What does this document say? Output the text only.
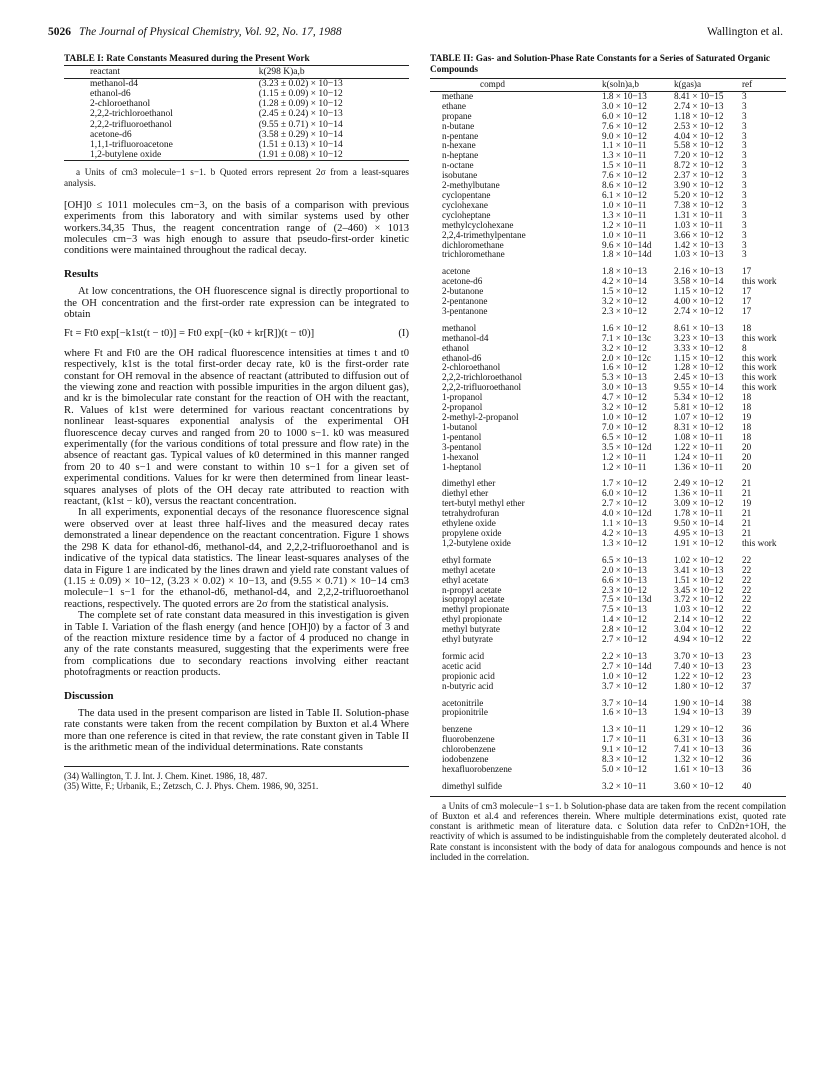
5026 The Journal of Physical Chemistry, Vol. 92, No. 17, 1988	Wallington et al.
TABLE I: Rate Constants Measured during the Present Work
reactant	k(298 K)a,b
methanol-d4	(3.23 ± 0.02) × 10−13
ethanol-d6	(1.15 ± 0.09) × 10−12
2-chloroethanol	(1.28 ± 0.09) × 10−12
2,2,2-trichloroethanol	(2.45 ± 0.24) × 10−13
2,2,2-trifluoroethanol	(9.55 ± 0.71) × 10−14
acetone-d6	(3.58 ± 0.29) × 10−14
1,1,1-trifluoroacetone	(1.51 ± 0.13) × 10−14
1,2-butylene oxide	(1.91 ± 0.08) × 10−12
a Units of cm3 molecule−1 s−1. b Quoted errors represent 2σ from a least-squares analysis.

[OH]0 ≤ 1011 molecules cm−3, on the basis of a comparison with previous experiments from this laboratory and with similar systems used by other workers.34,35 Thus, the reagent concentration range of (2–460) × 1013 molecules cm−3 was high enough to assure that pseudo-first-order kinetic conditions were maintained throughout the radical decay.

Results

At low concentrations, the OH fluorescence signal is directly proportional to the OH concentration and the first-order rate expression can be integrated to obtain

Ft = Ft0 exp[−k1st(t − t0)] = Ft0 exp[−(k0 + kr[R])(t − t0)]	(I)

where Ft and Ft0 are the OH radical fluorescence intensities at times t and t0 respectively, k1st is the total first-order decay rate, k0 is the first-order rate constant for OH removal in the absence of reactant (attributed to diffusion out of the viewing zone and reaction with possible impurities in the argon diluent gas), and kr is the bimolecular rate constant for the reaction of OH with the reactant, R. Values of k1st were determined for various reactant concentrations by nonlinear least-squares exponential analysis of the experimental OH fluorescence decay curves and ranged from 20 to 1000 s−1. k0 was measured experimentally (for the various conditions of total pressure and flow rate) in the absence of reactant gas. Typical values of k0 determined in this manner ranged from 20 to 40 s−1 and were constant to within 10 s−1 for a given set of experimental conditions. Values for kr were then determined from linear least-squares analyses of plots of the OH decay rate attributed to reaction with reactant, (k1st − k0), versus the reactant concentration.

In all experiments, exponential decays of the resonance fluorescence signal were observed over at least three half-lives and the measured decay rates demonstrated a linear dependence on the reactant concentration. Figure 1 shows the 298 K data for ethanol-d6, methanol-d4, and 2,2,2-trifluoroethanol and is indicative of the typical data statistics. The linear least-squares analyses of the data in Figure 1 are indicated by the lines drawn and yield rate constant values of (1.15 ± 0.09) × 10−12, (3.23 × 0.02) × 10−13, and (9.55 × 0.71) × 10−14 cm3 molecule−1 s−1 for the ethanol-d6, methanol-d4, and 2,2,2-trifluoroethanol reactions, respectively. The quoted errors are 2σ from the statistical analysis.

The complete set of rate constant data measured in this investigation is given in Table I. Variation of the flash energy (and hence [OH]0) by a factor of 3 and of the reaction mixture residence time by a factor of 4 produced no change in any of the rate constants measured, suggesting that the experiments were free from complications due to secondary reactions involving either reactant photofragments or reaction products.

Discussion

The data used in the present comparison are listed in Table II. Solution-phase rate constants were taken from the recent compilation by Buxton et al.4 Where more than one reference is cited in that review, the rate constant given in Table II is the arithmetic mean of the individual determinations. Rate constants

(34) Wallington, T. J. Int. J. Chem. Kinet. 1986, 18, 487.
(35) Witte, F.; Urbanik, E.; Zetzsch, C. J. Phys. Chem. 1986, 90, 3251.
TABLE II: Gas- and Solution-Phase Rate Constants for a Series of Saturated Organic Compounds
compd	k(soln)a,b	k(gas)a	ref
methane	1.8 × 10−13	8.41 × 10−15	3
ethane	3.0 × 10−12	2.74 × 10−13	3
propane	6.0 × 10−12	1.18 × 10−12	3
n-butane	7.6 × 10−12	2.53 × 10−12	3
n-pentane	9.0 × 10−12	4.04 × 10−12	3
n-hexane	1.1 × 10−11	5.58 × 10−12	3
n-heptane	1.3 × 10−11	7.20 × 10−12	3
n-octane	1.5 × 10−11	8.72 × 10−12	3
isobutane	7.6 × 10−12	2.37 × 10−12	3
2-methylbutane	8.6 × 10−12	3.90 × 10−12	3
cyclopentane	6.1 × 10−12	5.20 × 10−12	3
cyclohexane	1.0 × 10−11	7.38 × 10−12	3
cycloheptane	1.3 × 10−11	1.31 × 10−11	3
methylcyclohexane	1.2 × 10−11	1.03 × 10−11	3
2,2,4-trimethylpentane	1.0 × 10−11	3.66 × 10−12	3
dichloromethane	9.6 × 10−14d	1.42 × 10−13	3
trichloromethane	1.8 × 10−14d	1.03 × 10−13	3
acetone	1.8 × 10−13	2.16 × 10−13	17
acetone-d6	4.2 × 10−14	3.58 × 10−14	this work
2-butanone	1.5 × 10−12	1.15 × 10−12	17
2-pentanone	3.2 × 10−12	4.00 × 10−12	17
3-pentanone	2.3 × 10−12	2.74 × 10−12	17
methanol	1.6 × 10−12	8.61 × 10−13	18
methanol-d4	7.1 × 10−13c	3.23 × 10−13	this work
ethanol	3.2 × 10−12	3.33 × 10−12	8
ethanol-d6	2.0 × 10−12c	1.15 × 10−12	this work
2-chloroethanol	1.6 × 10−12	1.28 × 10−12	this work
2,2,2-trichloroethanol	5.3 × 10−13	2.45 × 10−13	this work
2,2,2-trifluoroethanol	3.0 × 10−13	9.55 × 10−14	this work
1-propanol	4.7 × 10−12	5.34 × 10−12	18
2-propanol	3.2 × 10−12	5.81 × 10−12	18
2-methyl-2-propanol	1.0 × 10−12	1.07 × 10−12	19
1-butanol	7.0 × 10−12	8.31 × 10−12	18
1-pentanol	6.5 × 10−12	1.08 × 10−11	18
3-pentanol	3.5 × 10−12d	1.22 × 10−11	20
1-hexanol	1.2 × 10−11	1.24 × 10−11	20
1-heptanol	1.2 × 10−11	1.36 × 10−11	20
dimethyl ether	1.7 × 10−12	2.49 × 10−12	21
diethyl ether	6.0 × 10−12	1.36 × 10−11	21
tert-butyl methyl ether	2.7 × 10−12	3.09 × 10−12	19
tetrahydrofuran	4.0 × 10−12d	1.78 × 10−11	21
ethylene oxide	1.1 × 10−13	9.50 × 10−14	21
propylene oxide	4.2 × 10−13	4.95 × 10−13	21
1,2-butylene oxide	1.3 × 10−12	1.91 × 10−12	this work
ethyl formate	6.5 × 10−13	1.02 × 10−12	22
methyl acetate	2.0 × 10−13	3.41 × 10−13	22
ethyl acetate	6.6 × 10−13	1.51 × 10−12	22
n-propyl acetate	2.3 × 10−12	3.45 × 10−12	22
isopropyl acetate	7.5 × 10−13d	3.72 × 10−12	22
methyl propionate	7.5 × 10−13	1.03 × 10−12	22
ethyl propionate	1.4 × 10−12	2.14 × 10−12	22
methyl butyrate	2.8 × 10−12	3.04 × 10−12	22
ethyl butyrate	2.7 × 10−12	4.94 × 10−12	22
formic acid	2.2 × 10−13	3.70 × 10−13	23
acetic acid	2.7 × 10−14d	7.40 × 10−13	23
propionic acid	1.0 × 10−12	1.22 × 10−12	23
n-butyric acid	3.7 × 10−12	1.80 × 10−12	37
acetonitrile	3.7 × 10−14	1.90 × 10−14	38
propionitrile	1.6 × 10−13	1.94 × 10−13	39
benzene	1.3 × 10−11	1.29 × 10−12	36
fluorobenzene	1.7 × 10−11	6.31 × 10−13	36
chlorobenzene	9.1 × 10−12	7.41 × 10−13	36
iodobenzene	8.3 × 10−12	1.32 × 10−12	36
hexafluorobenzene	5.0 × 10−12	1.61 × 10−13	36
dimethyl sulfide	3.2 × 10−11	3.60 × 10−12	40
a Units of cm3 molecule−1 s−1. b Solution-phase data are taken from the recent compilation of Buxton et al.4 and references therein. Where multiple determinations exist, quoted rate constant is arithmetic mean of literature data. c Solution data refer to CnD2n+1OH, the reactivity of which is assumed to be indistinguishable from the completely deuterated alcohol. d Rate constant is inconsistent with the body of data for analogous compounds and hence is not included in the correlation.
